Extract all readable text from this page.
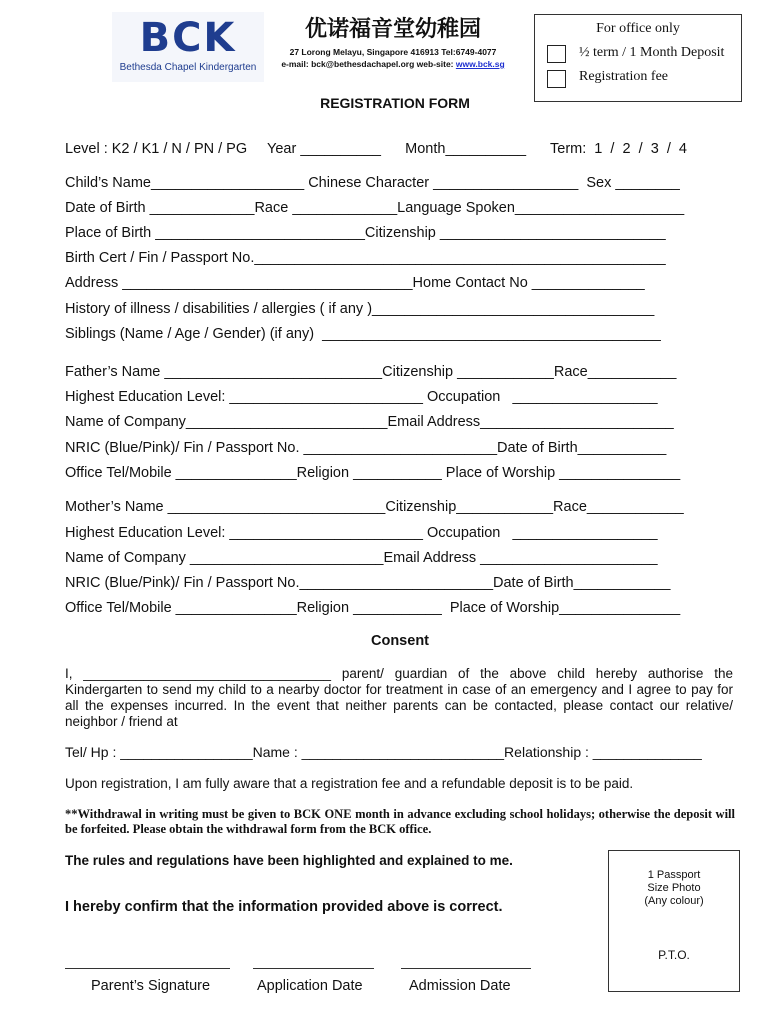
BCK
Bethesda Chapel Kindergarten
优诺福音堂幼稚园
27 Lorong Melayu, Singapore 416913 Tel:6749-4077
e-mail: bck@bethesdachapel.org web-site: www.bck.sg
For office only
½ term / 1 Month Deposit
Registration fee
REGISTRATION FORM
Level : K2 / K1 / N / PN / PG     Year __________      Month__________      Term:  1  /  2  /  3  /  4
Child’s Name___________________ Chinese Character __________________  Sex ________
Date of Birth _____________Race _____________Language Spoken_____________________
Place of Birth __________________________Citizenship ____________________________
Birth Cert / Fin / Passport No.___________________________________________________
Address ____________________________________Home Contact No ______________
History of illness / disabilities / allergies ( if any )___________________________________
Siblings (Name / Age / Gender) (if any)  __________________________________________
Father’s Name ___________________________Citizenship ____________Race___________
Highest Education Level: ________________________ Occupation   __________________
Name of Company_________________________Email Address________________________
NRIC (Blue/Pink)/ Fin / Passport No. ________________________Date of Birth___________
Office Tel/Mobile _______________Religion ___________ Place of Worship _______________
Mother’s Name ___________________________Citizenship____________Race____________
Highest Education Level: ________________________ Occupation   __________________
Name of Company ________________________Email Address ______________________
NRIC (Blue/Pink)/ Fin / Passport No.________________________Date of Birth____________
Office Tel/Mobile _______________Religion ___________  Place of Worship_______________
Consent
I, _________________________________ parent/ guardian of the above child hereby authorise the Kindergarten to send my child to a nearby doctor for treatment in case of an emergency and I agree to pay for all the expenses incurred. In the event that neither parents can be contacted, please contact our relative/ neighbor / friend at
Tel/ Hp : _________________Name : __________________________Relationship : ______________
Upon registration, I am fully aware that a registration fee and a refundable deposit is to be paid.
**Withdrawal in writing must be given to BCK ONE month in advance excluding school holidays; otherwise the deposit will be forfeited. Please obtain the withdrawal form from the BCK office.
The rules and regulations have been highlighted and explained to me.
I hereby confirm that the information provided above is correct.
1 Passport
Size Photo
(Any colour)
P.T.O.
Parent’s Signature	Application Date	Admission Date
